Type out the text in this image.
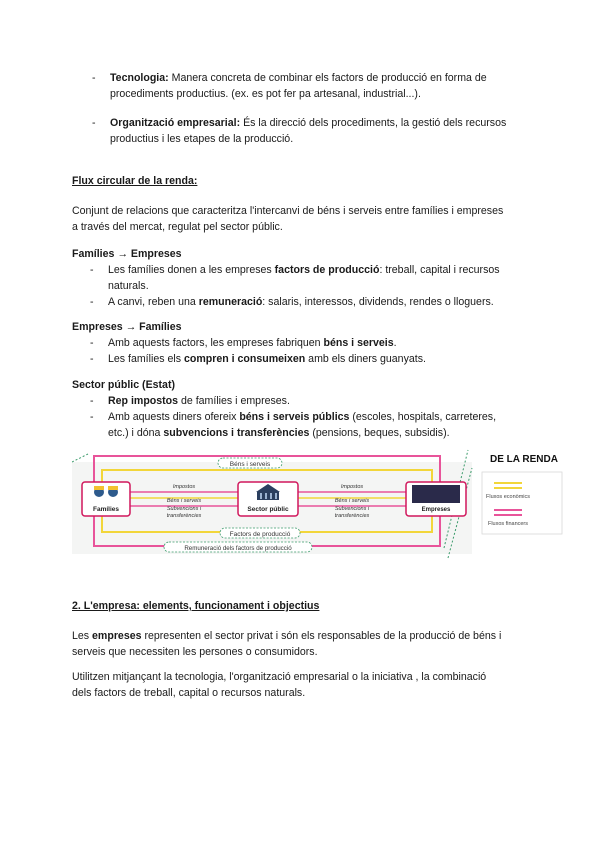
- Tecnologia: Manera concreta de combinar els factors de producció en forma de
procediments productius. (ex. es pot fer pa artesanal, industrial...).
- Organització empresarial: És la direcció dels procediments, la gestió dels recursos
productius i les etapes de la producció.
Flux circular de la renda:
Conjunt de relacions que caracteritza l'intercanvi de béns i serveis entre famílies i empreses
a través del mercat, regulat pel sector públic.
Famílies → Empreses
- Les famílies donen a les empreses factors de producció: treball, capital i recursos
naturals.
- A canvi, reben una remuneració: salaris, interessos, dividends, rendes o lloguers.
Empreses → Famílies
- Amb aquests factors, les empreses fabriquen béns i serveis.
- Les famílies els compren i consumeixen amb els diners guanyats.
Sector públic (Estat)
- Rep impostos de famílies i empreses.
- Amb aquests diners ofereix béns i serveis públics (escoles, hospitals, carreteres,
etc.) i dóna subvencions i transferències (pensions, beques, subsidis).
Béns i serveis
Famílies	Sector públic	Empreses
Impostos
Béns i serveis
Subvencions i
transferències
Impostos
Béns i serveis
Subvencions i
transferències
Factors de producció
Remuneració dels factors de producció
DE LA RENDA
Fluxos econòmics
Fluxos financers
2. L'empresa: elements, funcionament i objectius
Les empreses representen el sector privat i són els responsables de la producció de béns i
serveis que necessiten les persones o consumidors.
Utilitzen mitjançant la tecnologia, l'organització empresarial o la iniciativa , la combinació
dels factors de treball, capital o recursos naturals.
